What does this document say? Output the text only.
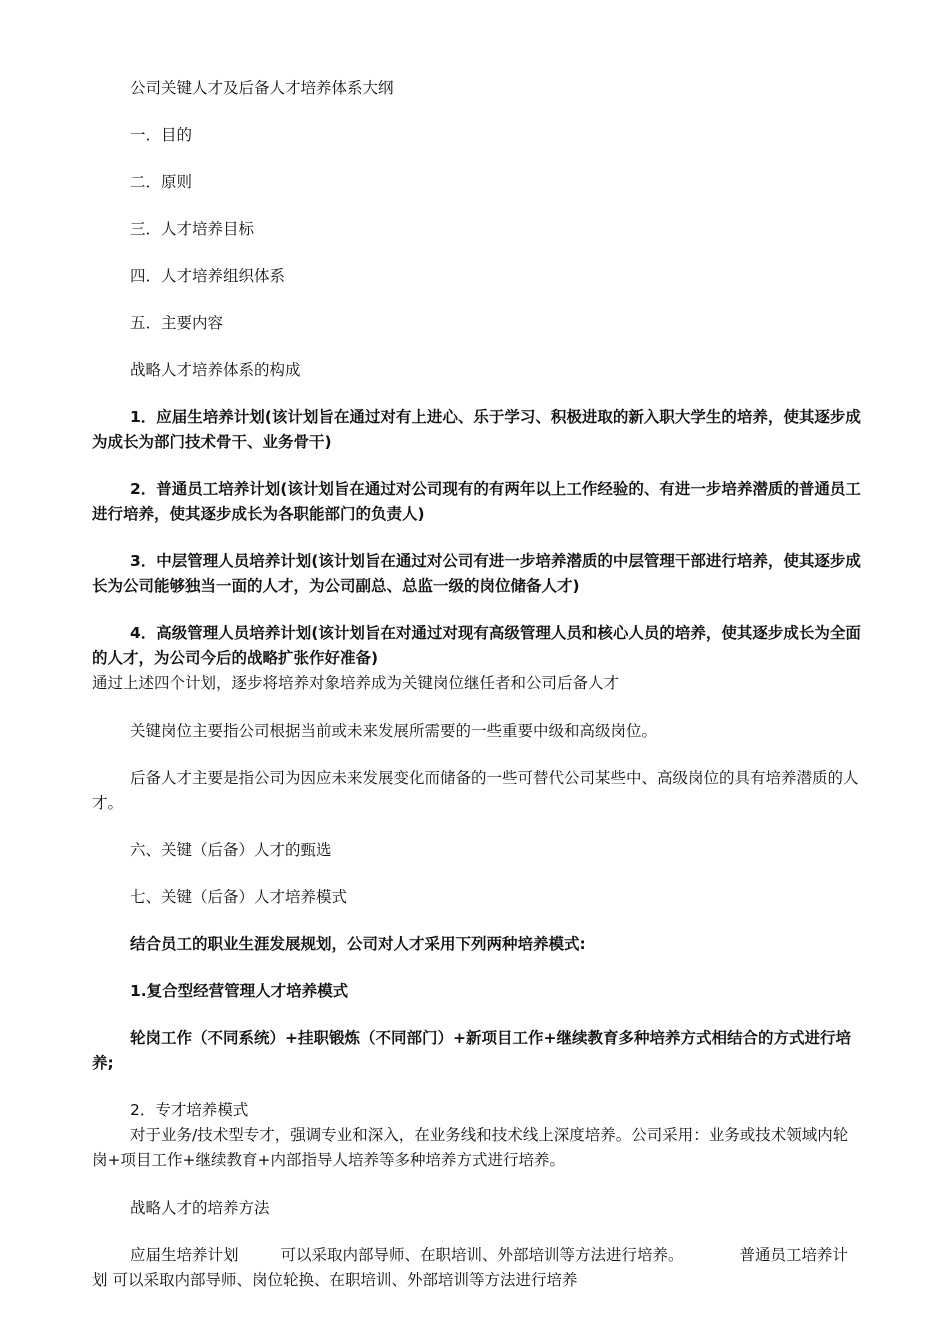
公司关键人才及后备人才培养体系大纲

一．目的

二．原则

三．人才培养目标

四．人才培养组织体系

五．主要内容

战略人才培养体系的构成

1．应届生培养计划(该计划旨在通过对有上进心、乐于学习、积极进取的新入职大学生的培养，使其逐步成为成长为部门技术骨干、业务骨干)

2．普通员工培养计划(该计划旨在通过对公司现有的有两年以上工作经验的、有进一步培养潜质的普通员工进行培养，使其逐步成长为各职能部门的负责人)

3．中层管理人员培养计划(该计划旨在通过对公司有进一步培养潜质的中层管理干部进行培养，使其逐步成长为公司能够独当一面的人才，为公司副总、总监一级的岗位储备人才)

4．高级管理人员培养计划(该计划旨在对通过对现有高级管理人员和核心人员的培养，使其逐步成长为全面的人才，为公司今后的战略扩张作好准备)

通过上述四个计划，逐步将培养对象培养成为关键岗位继任者和公司后备人才

关键岗位主要指公司根据当前或未来发展所需要的一些重要中级和高级岗位。

后备人才主要是指公司为因应未来发展变化而储备的一些可替代公司某些中、高级岗位的具有培养潜质的人才。

六、关键（后备）人才的甄选

七、关键（后备）人才培养模式

结合员工的职业生涯发展规划，公司对人才采用下列两种培养模式:

1.复合型经营管理人才培养模式

轮岗工作（不同系统）+挂职锻炼（不同部门）+新项目工作+继续教育多种培养方式相结合的方式进行培养;

2．专才培养模式

对于业务/技术型专才，强调专业和深入，在业务线和技术线上深度培养。公司采用：业务或技术领域内轮岗+项目工作+继续教育+内部指导人培养等多种培养方式进行培养。

战略人才的培养方法

应届生培养计划	可以采取内部导师、在职培训、外部培训等方法进行培养。	普通员工培养计划 可以采取内部导师、岗位轮换、在职培训、外部培训等方法进行培养
